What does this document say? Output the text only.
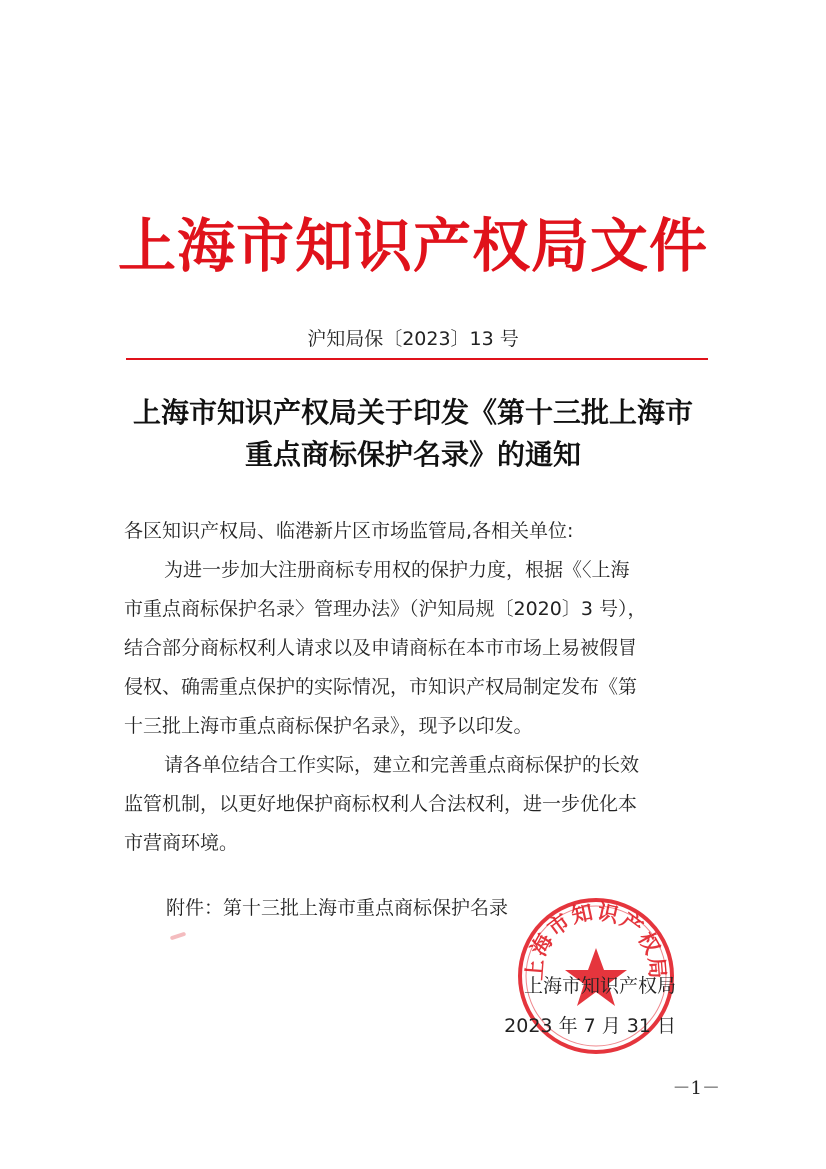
上海市知识产权局文件
沪知局保〔2023〕13 号
上海市知识产权局关于印发《第十三批上海市
重点商标保护名录》的通知
各区知识产权局、临港新片区市场监管局,各相关单位:
为进一步加大注册商标专用权的保护力度，根据《〈上海
市重点商标保护名录〉管理办法》（沪知局规〔2020〕3 号），
结合部分商标权利人请求以及申请商标在本市市场上易被假冒
侵权、确需重点保护的实际情况，市知识产权局制定发布《第
十三批上海市重点商标保护名录》，现予以印发。
请各单位结合工作实际，建立和完善重点商标保护的长效
监管机制，以更好地保护商标权利人合法权利，进一步优化本
市营商环境。
附件：第十三批上海市重点商标保护名录
上海市知识产权局
上海市知识产权局
2023 年 7 月 31 日
－1－
